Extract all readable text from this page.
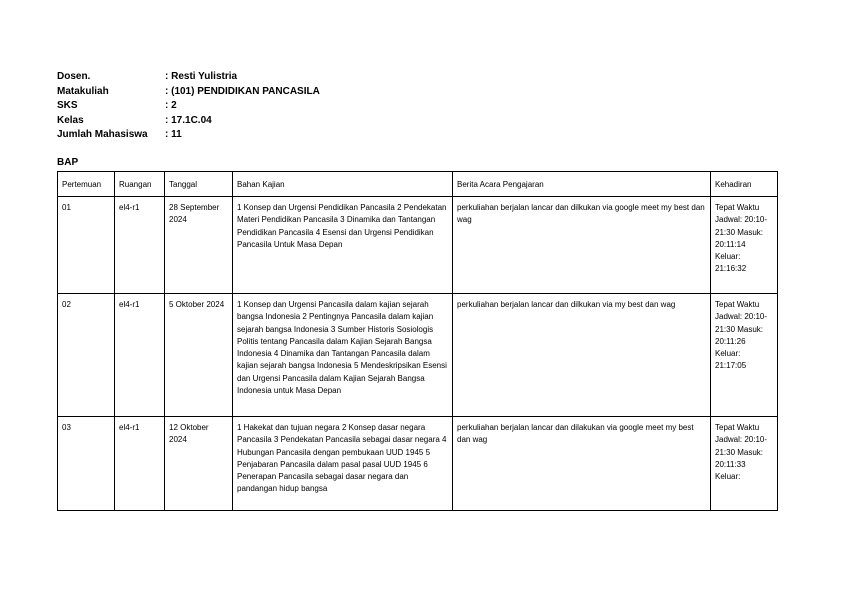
Dosen.	: Resti Yulistria
Matakuliah	: (101) PENDIDIKAN PANCASILA
SKS	: 2
Kelas	: 17.1C.04
Jumlah Mahasiswa	: 11
BAP
Pertemuan	Ruangan	Tanggal	Bahan Kajian	Berita Acara Pengajaran	Kehadiran
01	el4-r1	28 September 2024	1 Konsep dan Urgensi Pendidikan Pancasila 2 Pendekatan Materi Pendidikan Pancasila 3 Dinamika dan Tantangan Pendidikan Pancasila 4 Esensi dan Urgensi Pendidikan Pancasila Untuk Masa Depan	perkuliahan berjalan lancar dan dilkukan via google meet my best dan wag	Tepat Waktu Jadwal: 20:10-21:30 Masuk: 20:11:14 Keluar: 21:16:32
02	el4-r1	5 Oktober 2024	1 Konsep dan Urgensi Pancasila dalam kajian sejarah bangsa Indonesia 2 Pentingnya Pancasila dalam kajian sejarah bangsa Indonesia 3 Sumber Historis Sosiologis Politis tentang Pancasila dalam Kajian Sejarah Bangsa Indonesia 4 Dinamika dan Tantangan Pancasila dalam kajian sejarah bangsa Indonesia 5 Mendeskripsikan Esensi dan Urgensi Pancasila dalam Kajian Sejarah Bangsa Indonesia untuk Masa Depan	perkuliahan berjalan lancar dan dilkukan via my best dan wag	Tepat Waktu Jadwal: 20:10-21:30 Masuk: 20:11:26 Keluar: 21:17:05
03	el4-r1	12 Oktober 2024	1 Hakekat dan tujuan negara 2 Konsep dasar negara Pancasila 3 Pendekatan Pancasila sebagai dasar negara 4 Hubungan Pancasila dengan pembukaan UUD 1945 5 Penjabaran Pancasila dalam pasal pasal UUD 1945 6 Penerapan Pancasila sebagai dasar negara dan pandangan hidup bangsa	perkuliahan berjalan lancar dan dilakukan via google meet my best dan wag	Tepat Waktu Jadwal: 20:10-21:30 Masuk: 20:11:33 Keluar:
